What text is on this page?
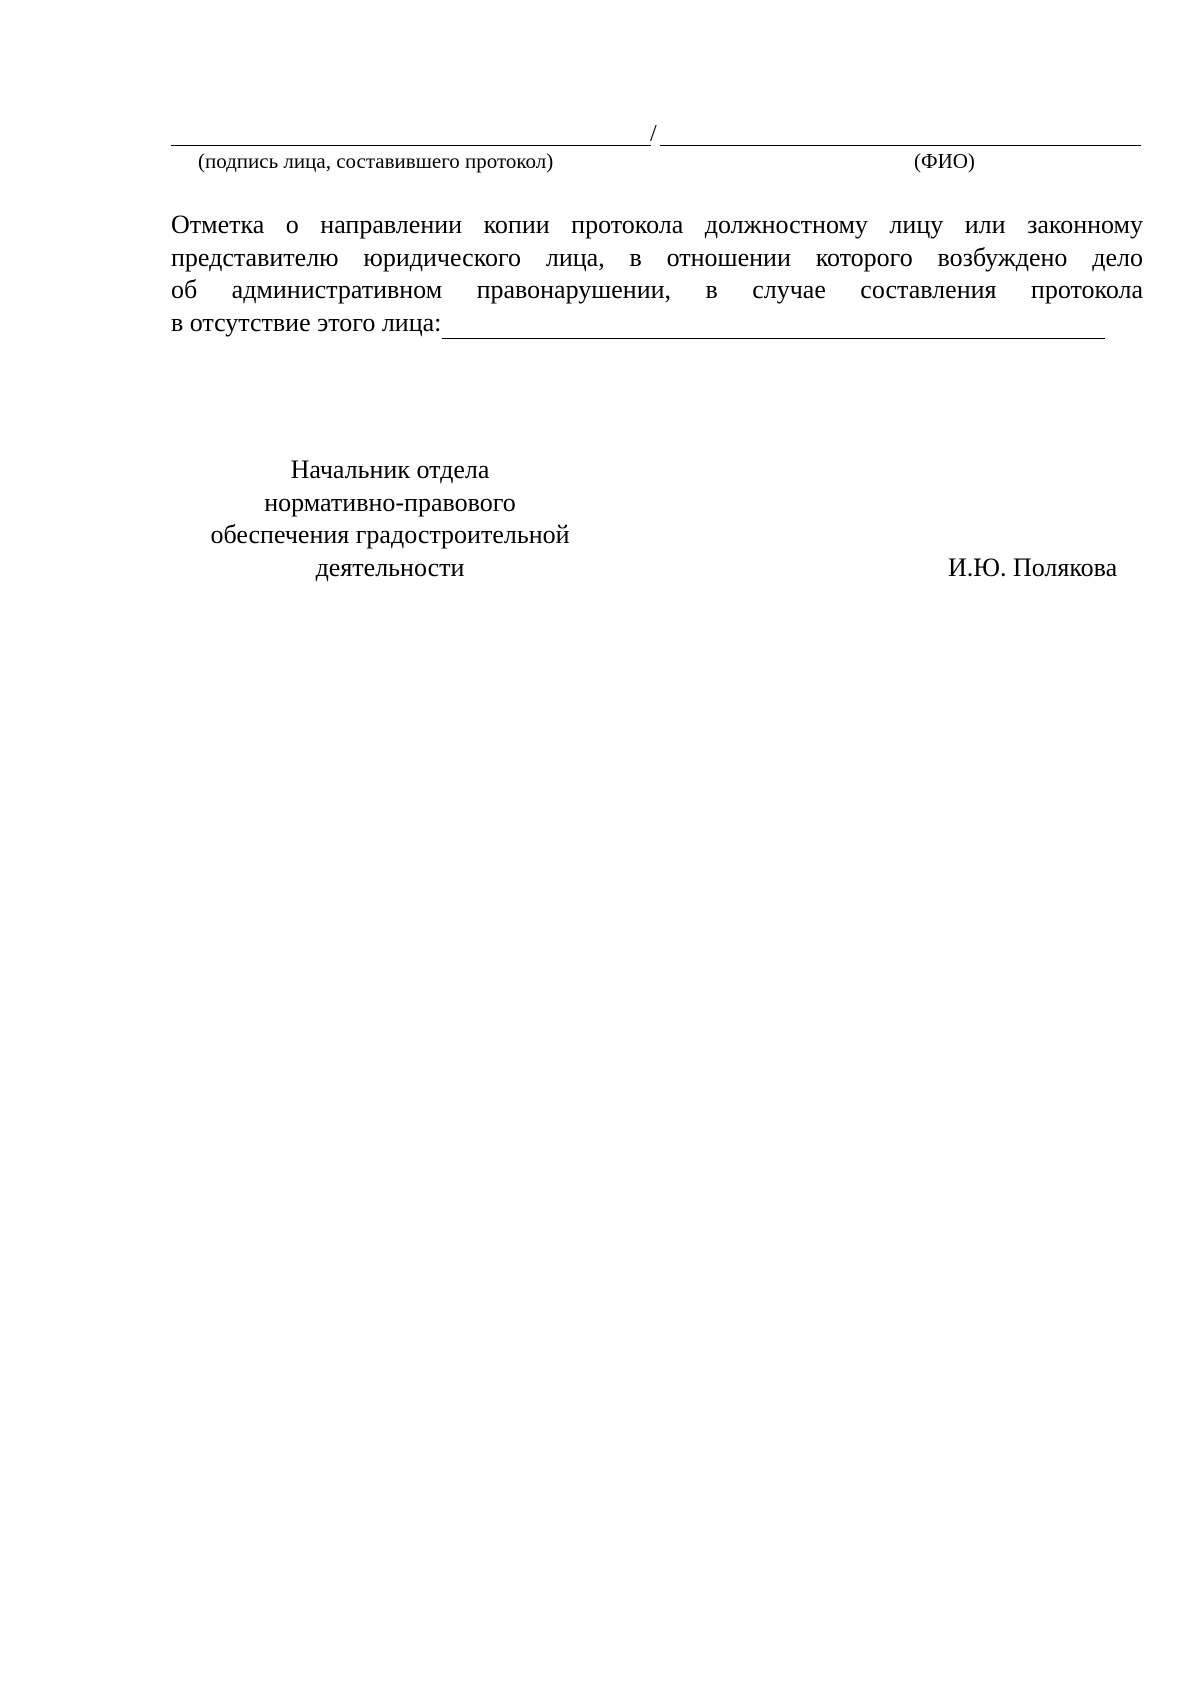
/
(подпись лица, составившего протокол)	(ФИО)
Отметка о направлении копии протокола должностному лицу или законному
представителю юридического лица, в отношении которого возбуждено дело
об административном правонарушении, в случае составления протокола
в отсутствие этого лица:
Начальник отдела
нормативно-правового
обеспечения градостроительной
деятельности	И.Ю. Полякова
